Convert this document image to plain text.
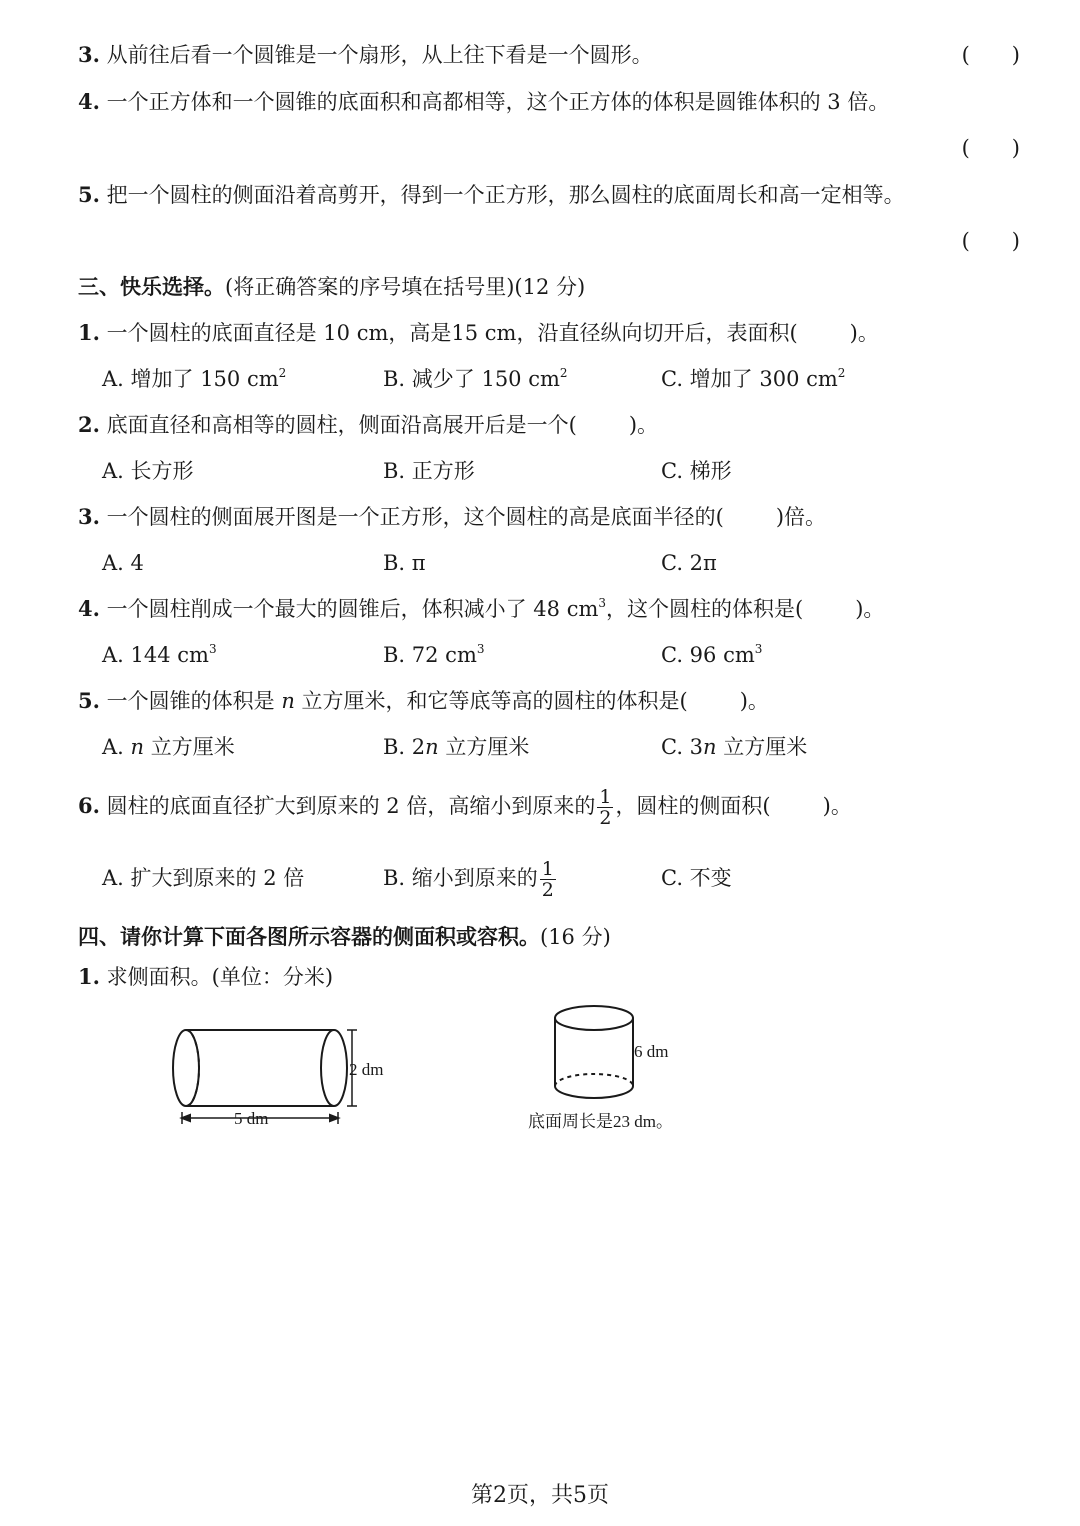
3. 从前往后看一个圆锥是一个扇形，从上往下看是一个圆形。	(　　)
4. 一个正方体和一个圆锥的底面积和高都相等，这个正方体的体积是圆锥体积的 3 倍。
(　　)
5. 把一个圆柱的侧面沿着高剪开，得到一个正方形，那么圆柱的底面周长和高一定相等。
(　　)
三、快乐选择。(将正确答案的序号填在括号里)(12 分)
1. 一个圆柱的底面直径是 10 cm，高是15 cm，沿直径纵向切开后，表面积( )。
A. 增加了 150 $cm^2$	B. 减少了 150 $cm^2$	C. 增加了 300 $cm^2$
2. 底面直径和高相等的圆柱，侧面沿高展开后是一个( )。
A. 长方形	B. 正方形	C. 梯形
3. 一个圆柱的侧面展开图是一个正方形，这个圆柱的高是底面半径的( )倍。
A. 4	B. π	C. 2π
4. 一个圆柱削成一个最大的圆锥后，体积减小了 48 $cm^3$，这个圆柱的体积是( )。
A. 144 $cm^3$	B. 72 $cm^3$	C. 96 $cm^3$
5. 一个圆锥的体积是 n 立方厘米，和它等底等高的圆柱的体积是( )。
A. n 立方厘米	B. 2n 立方厘米	C. 3n 立方厘米
6. 圆柱的底面直径扩大到原来的 2 倍，高缩小到原来的 $\frac{1}{2}$ ，圆柱的侧面积( )。
A. 扩大到原来的 2 倍	B. 缩小到原来的 $\frac{1}{2}$	C. 不变
四、请你计算下面各图所示容器的侧面积或容积。(16 分)
1. 求侧面积。(单位：分米)
2 dm
5 dm
6 dm
底面周长是23 dm。
第2页，共5页
